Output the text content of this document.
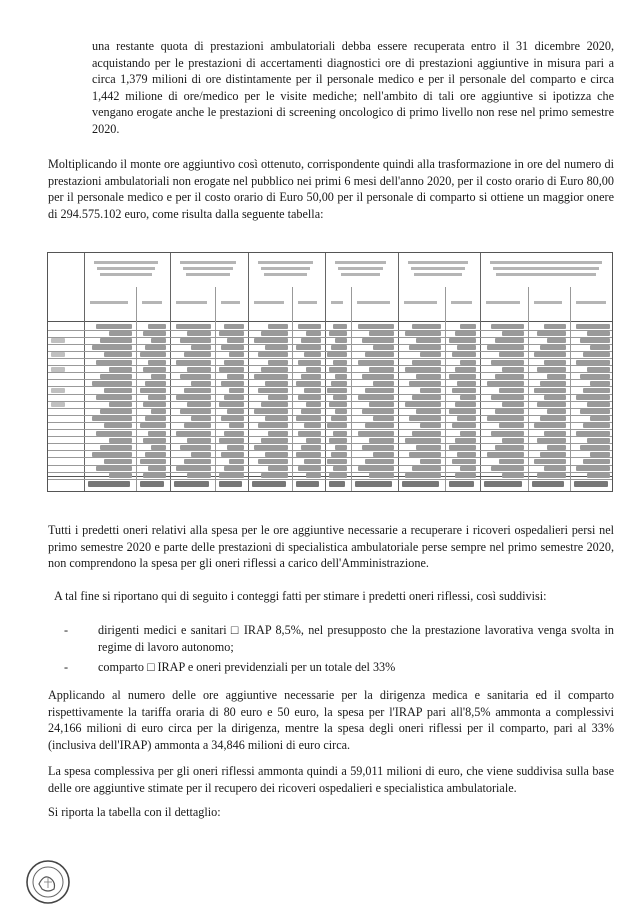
una restante quota di prestazioni ambulatoriali debba essere recuperata entro il 31 dicembre 2020, acquistando per le prestazioni di accertamenti diagnostici ore di prestazioni aggiuntive in misura pari a circa 1,379 milioni di ore distintamente per il personale medico e per il personale del comparto e circa 1,442 milione di ore/medico per le visite mediche; nell'ambito di tali ore aggiuntive si ipotizza che vengano erogate anche le prestazioni di screening oncologico di primo livello non rese nel primo semestre 2020.

Moltiplicando il monte ore aggiuntivo così ottenuto, corrispondente quindi alla trasformazione in ore del numero di prestazioni ambulatoriali non erogate nel pubblico nei primi 6 mesi dell'anno 2020, per il costo orario di Euro 80,00 per il personale medico e per il costo orario di Euro 50,00 per il personale di comparto si ottiene un maggior onere di 294.575.102 euro, come risulta dalla seguente tabella:

Tutti i predetti oneri relativi alla spesa per le ore aggiuntive necessarie a recuperare i ricoveri ospedalieri persi nel primo semestre 2020 e parte delle prestazioni di specialistica ambulatoriale perse sempre nel primo semestre 2020, non comprendono la spesa per gli oneri riflessi a carico dell'Amministrazione.

A tal fine si riportano qui di seguito i conteggi fatti per stimare i predetti oneri riflessi, così suddivisi:

- dirigenti medici e sanitari □ IRAP 8,5%, nel presupposto che la prestazione lavorativa venga svolta in regime di lavoro autonomo;
- comparto □ IRAP e oneri previdenziali per un totale del 33%

Applicando al numero delle ore aggiuntive necessarie per la dirigenza medica e sanitaria ed il comparto rispettivamente la tariffa oraria di 80 euro e 50 euro, la spesa per l'IRAP pari all'8,5% ammonta a complessivi 24,166 milioni di euro circa per la dirigenza, mentre la spesa degli oneri riflessi per il comparto, pari al 33% (inclusiva dell'IRAP) ammonta a 34,846 milioni di euro circa.

La spesa complessiva per gli oneri riflessi ammonta quindi a 59,011 milioni di euro, che viene suddivisa sulla base delle ore aggiuntive stimate per il recupero dei ricoveri ospedalieri e specialistica ambulatoriale.

Si riporta la tabella con il dettaglio:
